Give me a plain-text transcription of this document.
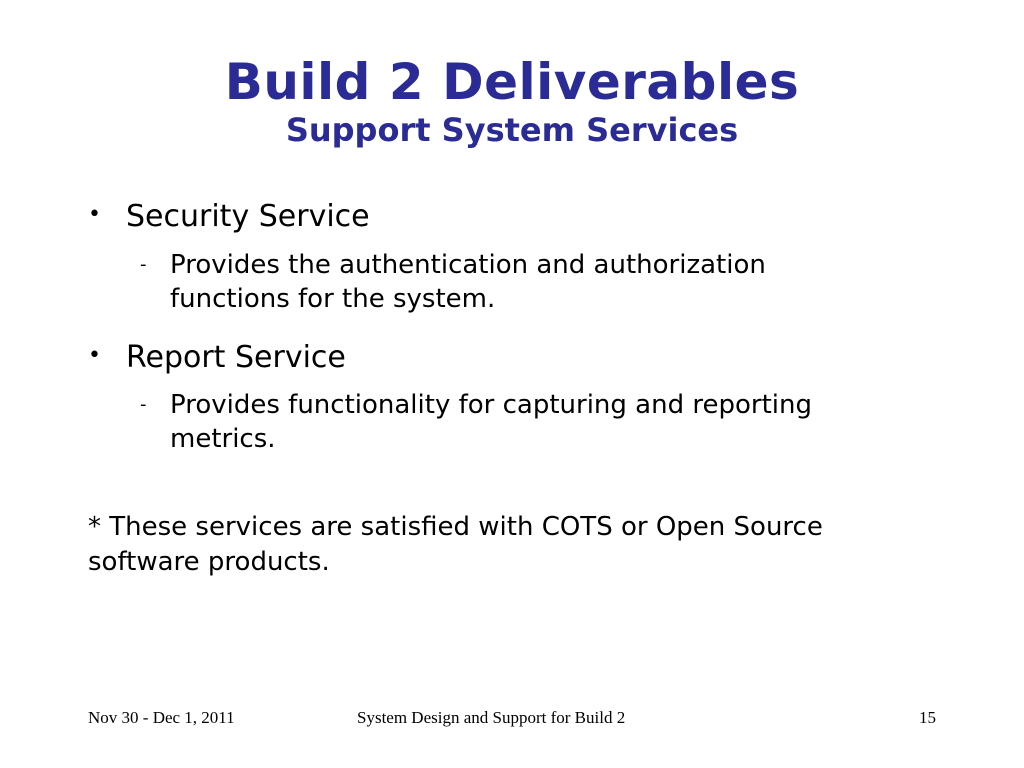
Build 2 Deliverables
Support System Services
• Security Service
- Provides the authentication and authorization functions for the system.
• Report Service
- Provides functionality for capturing and reporting metrics.
* These services are satisfied with COTS or Open Source software products.
Nov 30 - Dec 1, 2011	System Design and Support for Build 2	15
